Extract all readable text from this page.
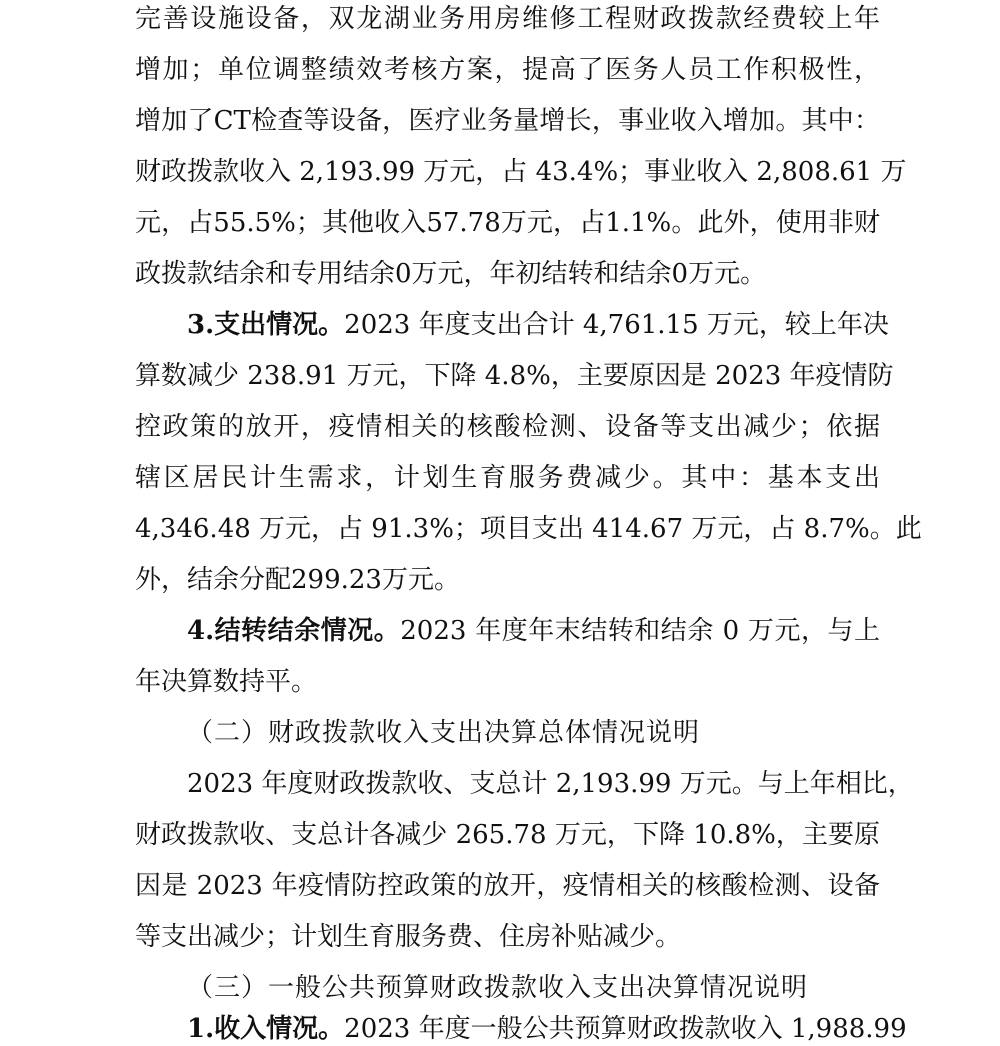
完善设施设备，双龙湖业务用房维修工程财政拨款经费较上年
增加；单位调整绩效考核方案，提高了医务人员工作积极性，
增加了CT检查等设备，医疗业务量增长，事业收入增加。其中：
财政拨款收入 2,193.99 万元，占 43.4%；事业收入 2,808.61 万
元，占55.5%；其他收入57.78万元，占1.1%。此外，使用非财
政拨款结余和专用结余0万元，年初结转和结余0万元。
3.支出情况。2023 年度支出合计 4,761.15 万元，较上年决
算数减少 238.91 万元，下降 4.8%，主要原因是 2023 年疫情防
控政策的放开，疫情相关的核酸检测、设备等支出减少；依据
辖区居民计生需求，计划生育服务费减少。其中：基本支出
4,346.48 万元，占 91.3%；项目支出 414.67 万元，占 8.7%。此
外，结余分配299.23万元。
4.结转结余情况。2023 年度年末结转和结余 0 万元，与上
年决算数持平。
（二）财政拨款收入支出决算总体情况说明
2023 年度财政拨款收、支总计 2,193.99 万元。与上年相比，
财政拨款收、支总计各减少 265.78 万元，下降 10.8%，主要原
因是 2023 年疫情防控政策的放开，疫情相关的核酸检测、设备
等支出减少；计划生育服务费、住房补贴减少。
（三）一般公共预算财政拨款收入支出决算情况说明
1.收入情况。2023 年度一般公共预算财政拨款收入 1,988.99
